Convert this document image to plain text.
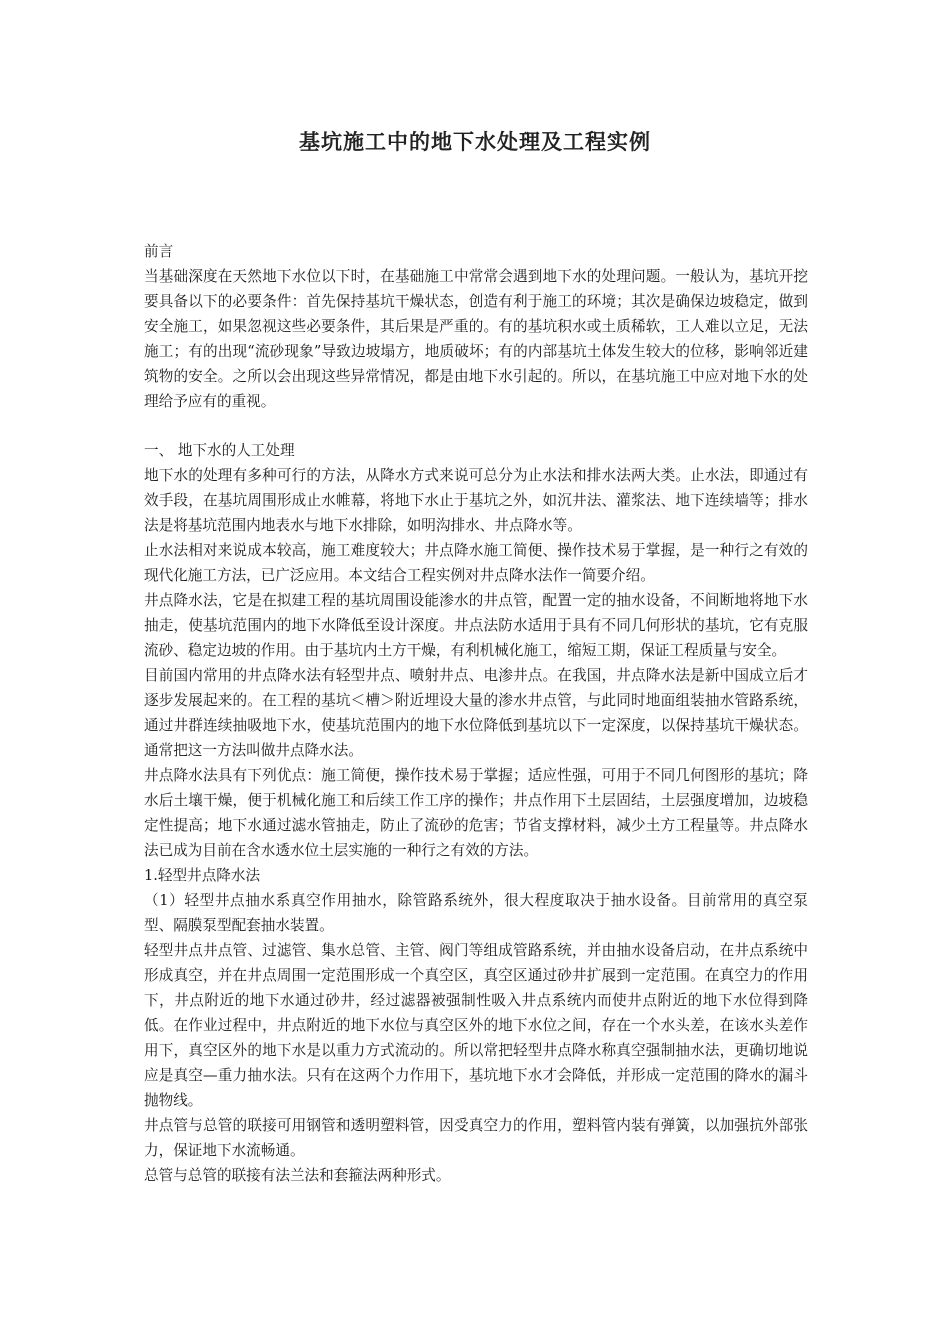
基坑施工中的地下水处理及工程实例

前言

当基础深度在天然地下水位以下时，在基础施工中常常会遇到地下水的处理问题。一般认为，基坑开挖要具备以下的必要条件：首先保持基坑干燥状态，创造有利于施工的环境；其次是确保边坡稳定，做到安全施工，如果忽视这些必要条件，其后果是严重的。有的基坑积水或土质稀软，工人难以立足，无法施工；有的出现“流砂现象”导致边坡塌方，地质破坏；有的内部基坑土体发生较大的位移，影响邻近建筑物的安全。之所以会出现这些异常情况，都是由地下水引起的。所以，在基坑施工中应对地下水的处理给予应有的重视。

一、 地下水的人工处理

地下水的处理有多种可行的方法，从降水方式来说可总分为止水法和排水法两大类。止水法，即通过有效手段，在基坑周围形成止水帷幕，将地下水止于基坑之外，如沉井法、灌浆法、地下连续墙等；排水法是将基坑范围内地表水与地下水排除，如明沟排水、井点降水等。

止水法相对来说成本较高，施工难度较大；井点降水施工简便、操作技术易于掌握，是一种行之有效的现代化施工方法，已广泛应用。本文结合工程实例对井点降水法作一简要介绍。

井点降水法，它是在拟建工程的基坑周围设能渗水的井点管，配置一定的抽水设备，不间断地将地下水抽走，使基坑范围内的地下水降低至设计深度。井点法防水适用于具有不同几何形状的基坑，它有克服流砂、稳定边坡的作用。由于基坑内土方干燥，有利机械化施工，缩短工期，保证工程质量与安全。

目前国内常用的井点降水法有轻型井点、喷射井点、电渗井点。在我国，井点降水法是新中国成立后才逐步发展起来的。在工程的基坑＜槽＞附近埋设大量的渗水井点管，与此同时地面组装抽水管路系统，通过井群连续抽吸地下水，使基坑范围内的地下水位降低到基坑以下一定深度，以保持基坑干燥状态。通常把这一方法叫做井点降水法。

井点降水法具有下列优点：施工简便，操作技术易于掌握；适应性强，可用于不同几何图形的基坑；降水后土壤干燥，便于机械化施工和后续工作工序的操作；井点作用下土层固结，土层强度增加，边坡稳定性提高；地下水通过滤水管抽走，防止了流砂的危害；节省支撑材料，减少土方工程量等。井点降水法已成为目前在含水透水位土层实施的一种行之有效的方法。

1.轻型井点降水法

（1）轻型井点抽水系真空作用抽水，除管路系统外，很大程度取决于抽水设备。目前常用的真空泵型、隔膜泵型配套抽水装置。

轻型井点井点管、过滤管、集水总管、主管、阀门等组成管路系统，并由抽水设备启动，在井点系统中形成真空，并在井点周围一定范围形成一个真空区，真空区通过砂井扩展到一定范围。在真空力的作用下，井点附近的地下水通过砂井，经过滤器被强制性吸入井点系统内而使井点附近的地下水位得到降低。在作业过程中，井点附近的地下水位与真空区外的地下水位之间，存在一个水头差，在该水头差作用下，真空区外的地下水是以重力方式流动的。所以常把轻型井点降水称真空强制抽水法，更确切地说应是真空—重力抽水法。只有在这两个力作用下，基坑地下水才会降低，并形成一定范围的降水的漏斗抛物线。

井点管与总管的联接可用钢管和透明塑料管，因受真空力的作用，塑料管内装有弹簧，以加强抗外部张力，保证地下水流畅通。

总管与总管的联接有法兰法和套箍法两种形式。
